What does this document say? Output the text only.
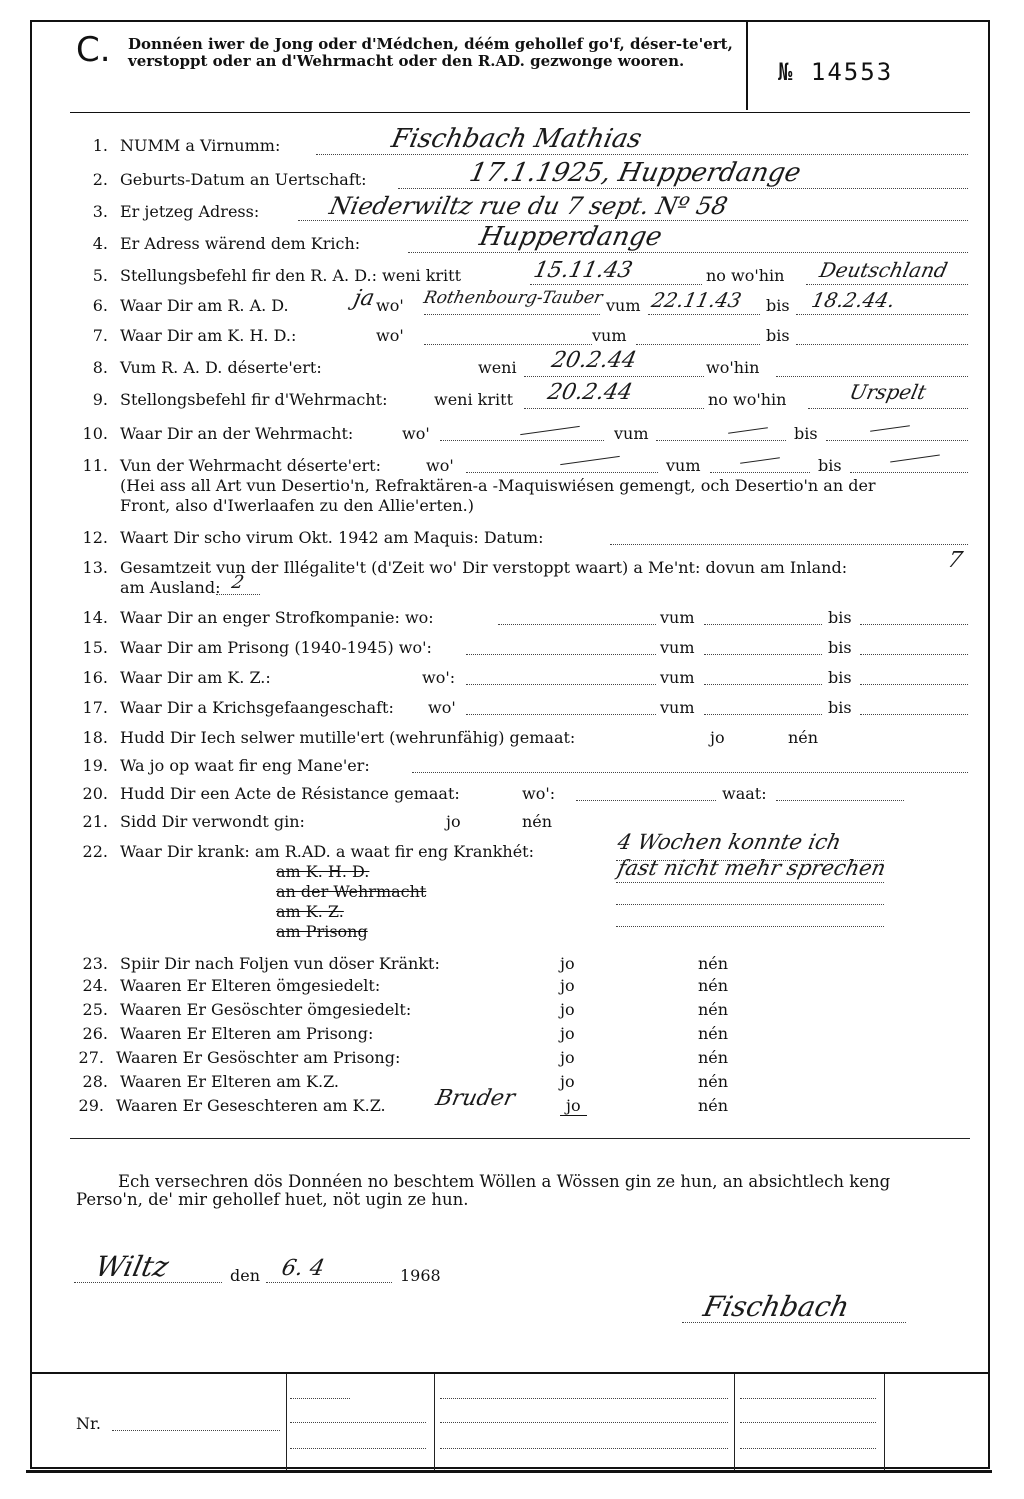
C. Donnéen iwer de Jong oder d'Médchen, déém gehollef go'f, déser-te'ert, verstoppt oder an d'Wehrmacht oder den R.AD. gezwonge wooren.	№ 14553
1. NUMM a Virnumm:	Fischbach Mathias
2. Geburts-Datum an Uertschaft:	17.1.1925, Hupperdange
3. Er jetzeg Adress:	Niederwiltz rue du 7 sept. Nº 58
4. Er Adress wärend dem Krich:	Hupperdange
5. Stellungsbefehl fir den R. A. D.: weni kritt	15.11.43	no wo'hin Deutschland
6. Waar Dir am R. A. D.	ja wo' Rothenbourg-Tauber vum 22.11.43 bis 18.2.44.
7. Waar Dir am K. H. D.:	wo'	vum	bis
8. Vum R. A. D. déserte'ert:	weni 20.2.44	wo'hin
9. Stellongsbefehl fir d'Wehrmacht:	weni kritt 20.2.44	no wo'hin	Urspelt
10. Waar Dir an der Wehrmacht:	wo'	vum	bis
11. Vun der Wehrmacht déserte'ert:	wo'	vum	bis
(Hei ass all Art vun Desertio'n, Refraktären-a -Maquiswiésen gemengt, och Desertio'n an der
Front, also d'Iwerlaafen zu den Allie'erten.)
12. Waart Dir scho virum Okt. 1942 am Maquis: Datum:
13. Gesamtzeit vun der Illégalite't (d'Zeit wo' Dir verstoppt waart) a Me'nt: dovun am Inland:	7
am Ausland: 2
14. Waar Dir an enger Strofkompanie: wo:	vum	bis
15. Waar Dir am Prisong (1940-1945) wo':	vum	bis
16. Waar Dir am K. Z.:	wo':	vum	bis
17. Waar Dir a Krichsgefaangeschaft: wo'	vum	bis
18. Hudd Dir Iech selwer mutille'ert (wehrunfähig) gemaat:	jo	nén
19. Wa jo op waat fir eng Mane'er:
20. Hudd Dir een Acte de Résistance gemaat:	wo':	waat:
21. Sidd Dir verwondt gin:	jo	nén
22. Waar Dir krank: am R.AD. a waat fir eng Krankhét:	4 Wochen konnte ich
fast nicht mehr sprechen
am K. H. D.
an der Wehrmacht
am K. Z.
am Prisong
23. Spiir Dir nach Foljen vun döser Kränkt:	jo	nén
24. Waaren Er Elteren ömgesiedelt:	jo	nén
25. Waaren Er Gesöschter ömgesiedelt:	jo	nén
26. Waaren Er Elteren am Prisong:	jo	nén
27. Waaren Er Gesöschter am Prisong:	jo	nén
28. Waaren Er Elteren am K.Z.	jo	nén
29. Waaren Er Geseschteren am K.Z. Bruder	jo	nén
Ech versechren dös Donnéen no beschtem Wöllen a Wössen gin ze hun, an absichtlech keng
Perso'n, de' mir gehollef huet, nöt ugin ze hun.
Wiltz	den 6. 4	1968
Fischbach
Nr.
